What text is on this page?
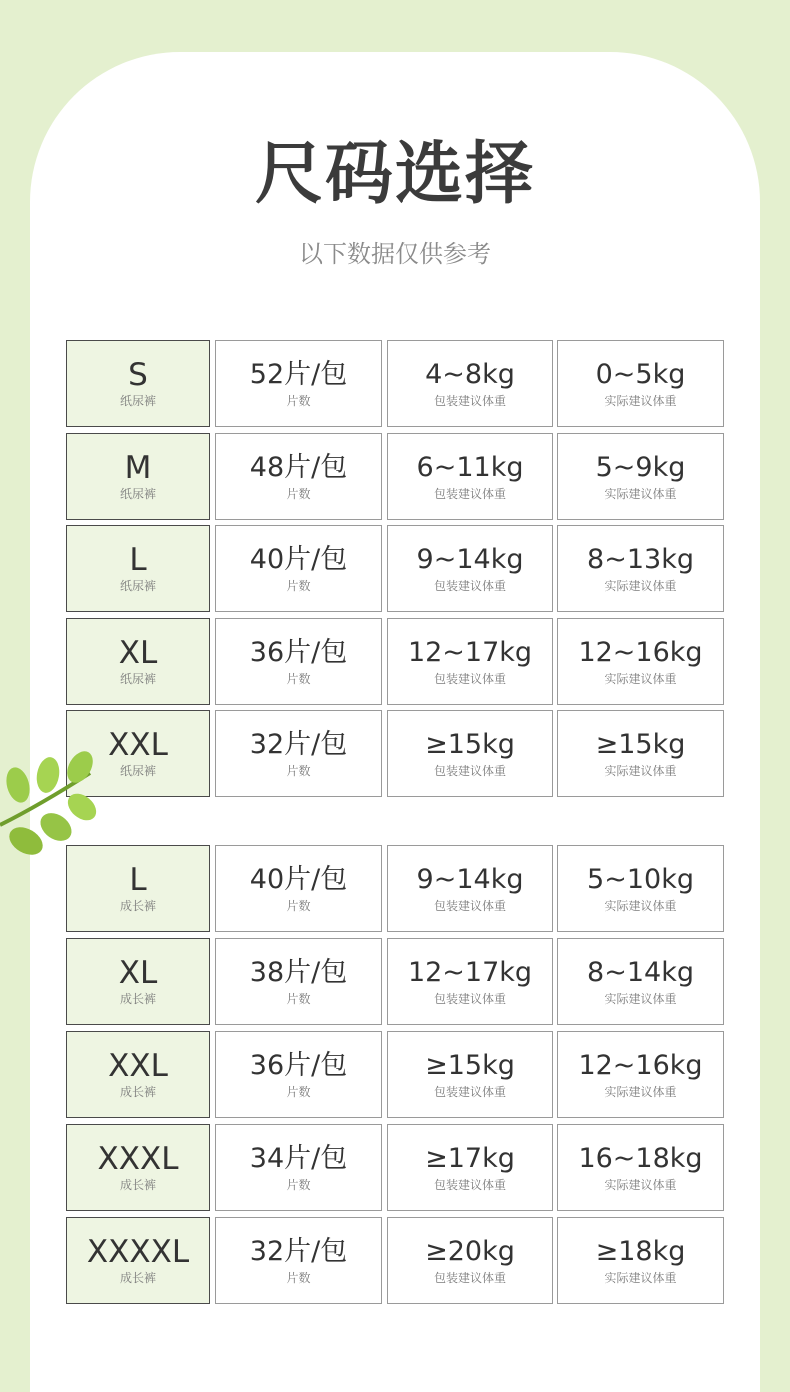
尺码选择
以下数据仅供参考
S
纸尿裤
52片/包
片数
4~8kg
包装建议体重
0~5kg
实际建议体重
M
纸尿裤
48片/包
片数
6~11kg
包装建议体重
5~9kg
实际建议体重
L
纸尿裤
40片/包
片数
9~14kg
包装建议体重
8~13kg
实际建议体重
XL
纸尿裤
36片/包
片数
12~17kg
包装建议体重
12~16kg
实际建议体重
XXL
纸尿裤
32片/包
片数
≥15kg
包装建议体重
≥15kg
实际建议体重
L
成长裤
40片/包
片数
9~14kg
包装建议体重
5~10kg
实际建议体重
XL
成长裤
38片/包
片数
12~17kg
包装建议体重
8~14kg
实际建议体重
XXL
成长裤
36片/包
片数
≥15kg
包装建议体重
12~16kg
实际建议体重
XXXL
成长裤
34片/包
片数
≥17kg
包装建议体重
16~18kg
实际建议体重
XXXXL
成长裤
32片/包
片数
≥20kg
包装建议体重
≥18kg
实际建议体重
